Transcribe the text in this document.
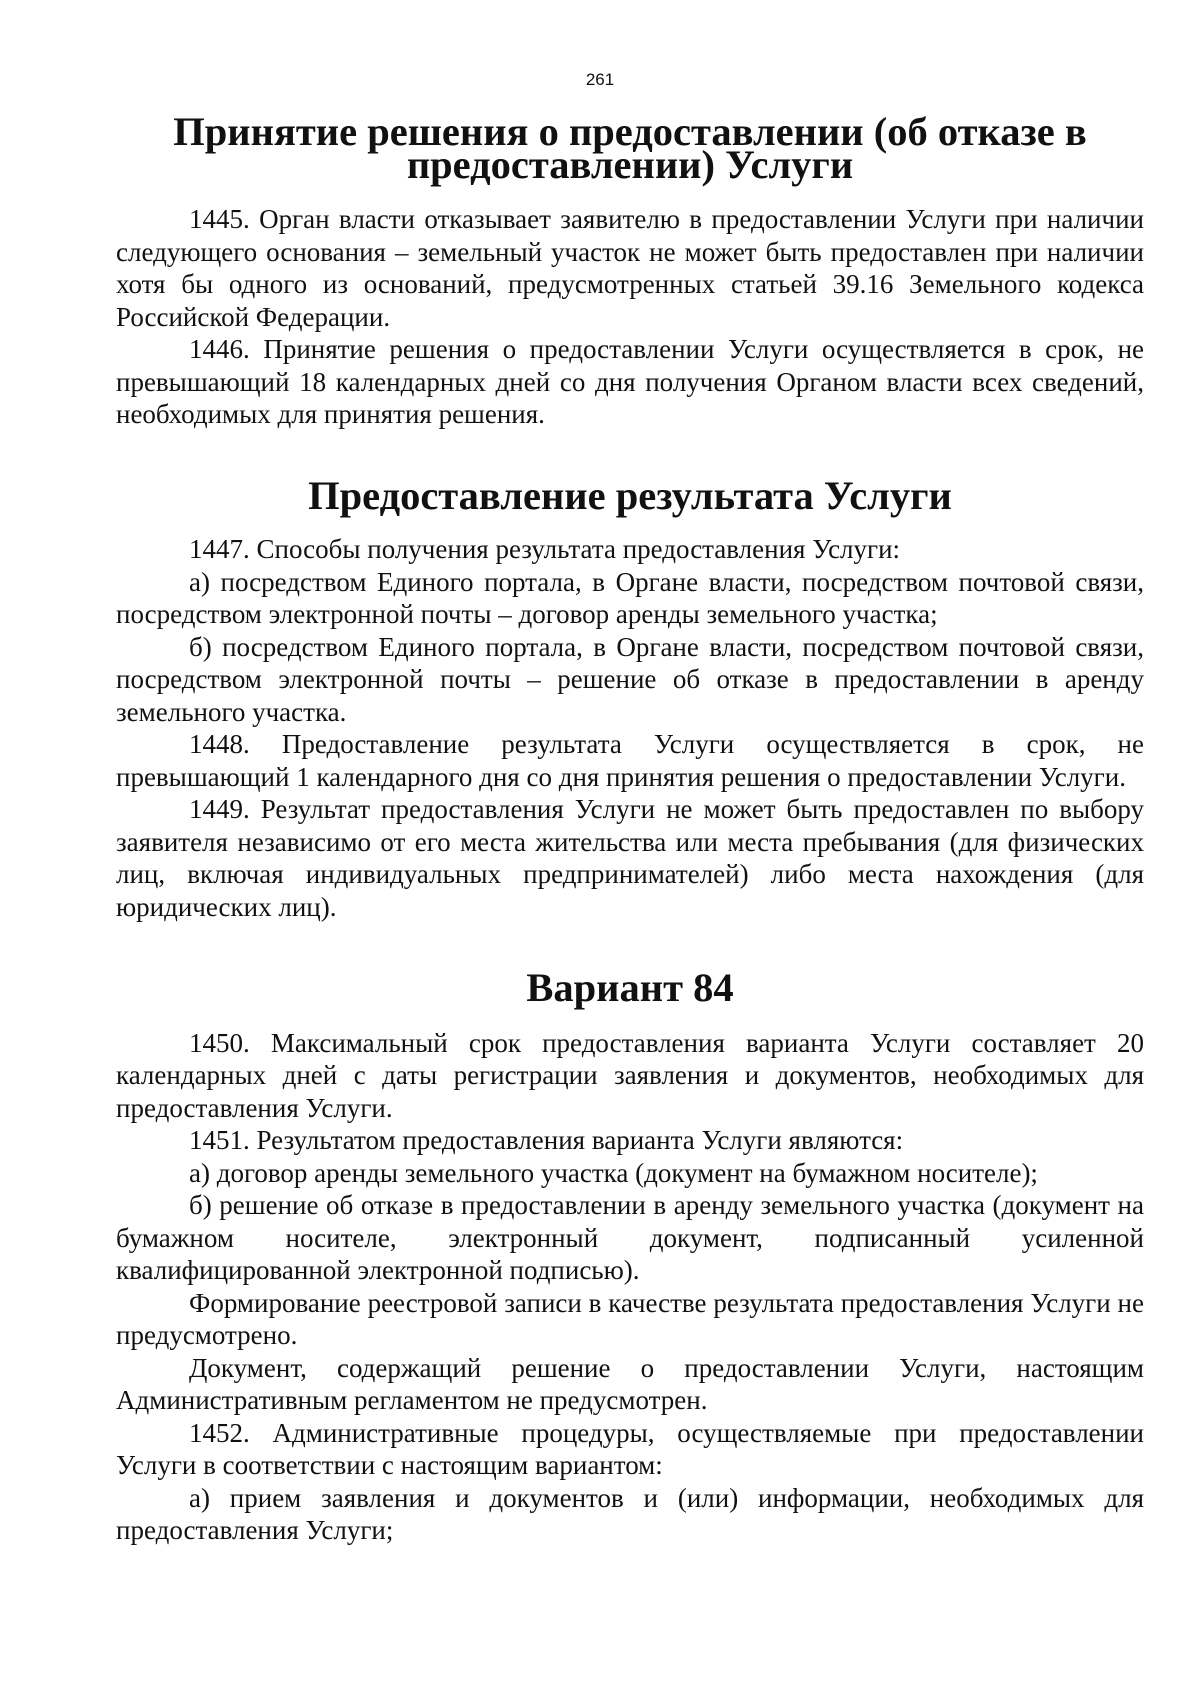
261
Принятие решения о предоставлении (об отказе в предоставлении) Услуги

1445. Орган власти отказывает заявителю в предоставлении Услуги при наличии следующего основания – земельный участок не может быть предоставлен при наличии хотя бы одного из оснований, предусмотренных статьей 39.16 Земельного кодекса Российской Федерации.

1446. Принятие решения о предоставлении Услуги осуществляется в срок, не превышающий 18 календарных дней со дня получения Органом власти всех сведений, необходимых для принятия решения.

Предоставление результата Услуги

1447. Способы получения результата предоставления Услуги:

а) посредством Единого портала, в Органе власти, посредством почтовой связи, посредством электронной почты – договор аренды земельного участка;

б) посредством Единого портала, в Органе власти, посредством почтовой связи, посредством электронной почты – решение об отказе в предоставлении в аренду земельного участка.

1448. Предоставление результата Услуги осуществляется в срок, не превышающий 1 календарного дня со дня принятия решения о предоставлении Услуги.

1449. Результат предоставления Услуги не может быть предоставлен по выбору заявителя независимо от его места жительства или места пребывания (для физических лиц, включая индивидуальных предпринимателей) либо места нахождения (для юридических лиц).

Вариант 84

1450. Максимальный срок предоставления варианта Услуги составляет 20 календарных дней с даты регистрации заявления и документов, необходимых для предоставления Услуги.

1451. Результатом предоставления варианта Услуги являются:

а) договор аренды земельного участка (документ на бумажном носителе);

б) решение об отказе в предоставлении в аренду земельного участка (документ на бумажном носителе, электронный документ, подписанный усиленной квалифицированной электронной подписью).

Формирование реестровой записи в качестве результата предоставления Услуги не предусмотрено.

Документ, содержащий решение о предоставлении Услуги, настоящим Административным регламентом не предусмотрен.

1452. Административные процедуры, осуществляемые при предоставлении Услуги в соответствии с настоящим вариантом:

а) прием заявления и документов и (или) информации, необходимых для предоставления Услуги;
